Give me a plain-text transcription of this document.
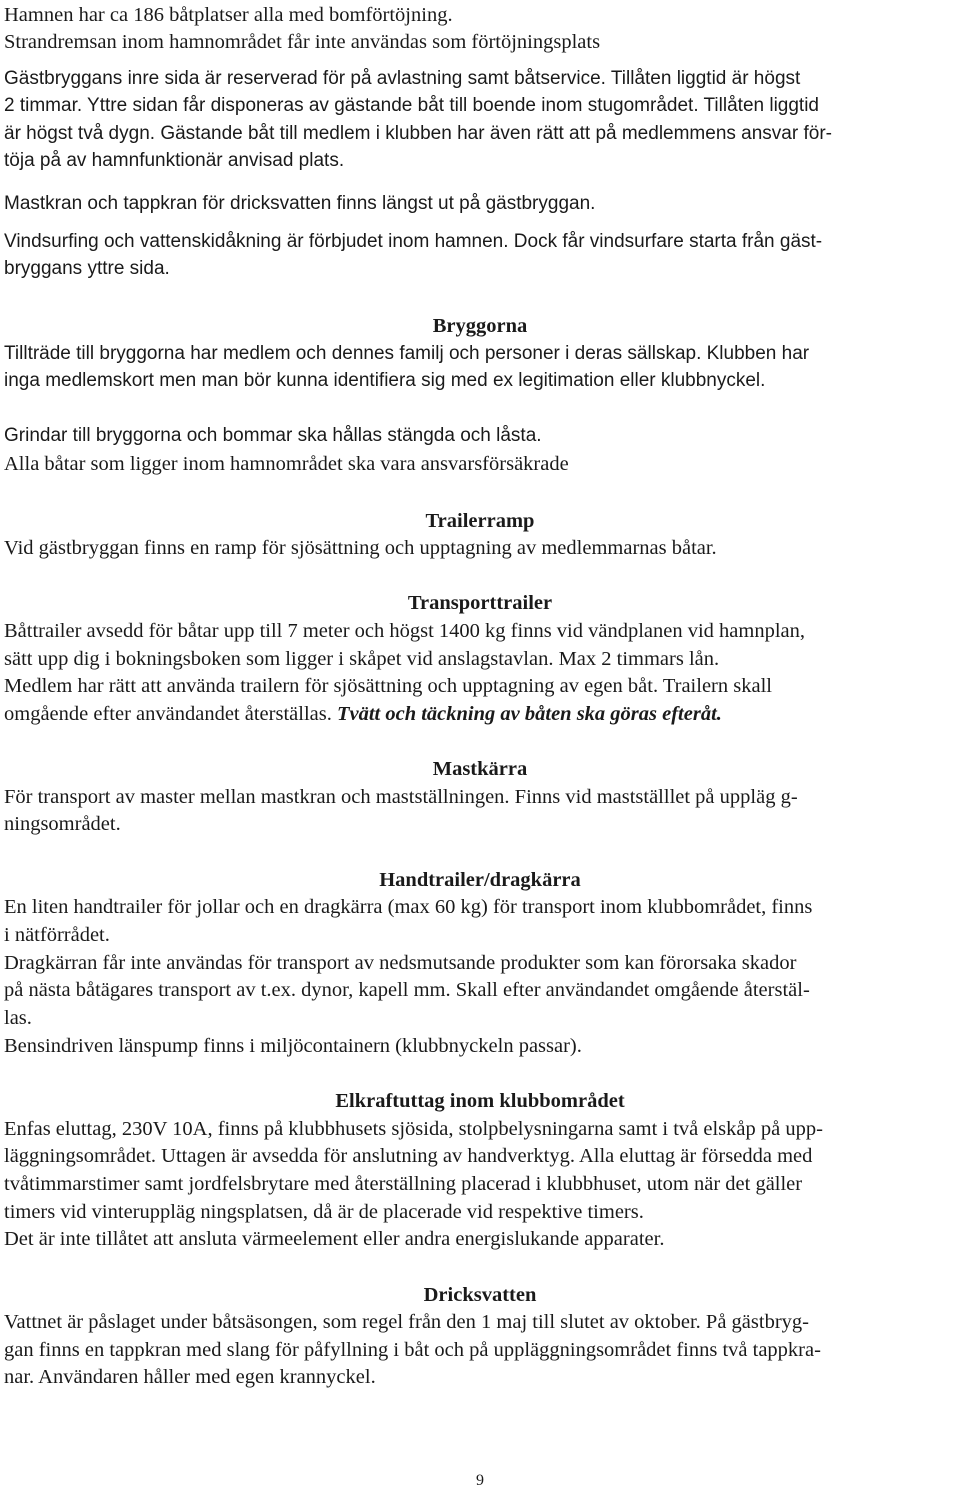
Hamnen har ca 186 båtplatser alla med bomförtöjning.
Strandremsan inom hamnområdet får inte användas som förtöjningsplats
Gästbryggans inre sida är reserverad för på avlastning samt båtservice. Tillåten liggtid är högst
2 timmar. Yttre sidan får disponeras av gästande båt till boende inom stugområdet. Tillåten liggtid
är högst två dygn. Gästande båt till medlem i klubben har även rätt att på medlemmens ansvar för-
töja på av hamnfunktionär anvisad plats.
Mastkran och tappkran för dricksvatten finns längst ut på gästbryggan.
Vindsurfing och vattenskidåkning är förbjudet inom hamnen. Dock får vindsurfare starta från gäst-
bryggans yttre sida.
Bryggorna
Tillträde till bryggorna har medlem och dennes familj och personer i deras sällskap. Klubben har
inga medlemskort men man bör kunna identifiera sig med ex legitimation eller klubbnyckel.
Grindar till bryggorna och bommar ska hållas stängda och låsta.
Alla båtar som ligger inom hamnområdet ska vara ansvarsförsäkrade
Trailerramp
Vid gästbryggan finns en ramp för sjösättning och upptagning av medlemmarnas båtar.
Transporttrailer
Båttrailer avsedd för båtar upp till 7 meter och högst 1400 kg finns vid vändplanen vid hamnplan,
sätt upp dig i bokningsboken som ligger i skåpet vid anslagstavlan. Max 2 timmars lån.
Medlem har rätt att använda trailern för sjösättning och upptagning av egen båt. Trailern skall
omgående efter användandet återställas. Tvätt och täckning av båten ska göras efteråt.
Mastkärra
För transport av master mellan mastkran och mastställningen. Finns vid mastställlet på uppläg g-
ningsområdet.
Handtrailer/dragkärra
En liten handtrailer för jollar och en dragkärra (max 60 kg) för transport inom klubbområdet, finns
i nätförrådet.
Dragkärran får inte användas för transport av nedsmutsande produkter som kan förorsaka skador
på nästa båtägares transport av t.ex. dynor, kapell mm. Skall efter användandet omgående återstäl-
las.
Bensindriven länspump finns i miljöcontainern (klubbnyckeln passar).
Elkraftuttag inom klubbområdet
Enfas eluttag, 230V 10A, finns på klubbhusets sjösida, stolpbelysningarna samt i två elskåp på upp-
läggningsområdet. Uttagen är avsedda för anslutning av handverktyg. Alla eluttag är försedda med
tvåtimmarstimer samt jordfelsbrytare med återställning placerad i klubbhuset, utom när det gäller
timers vid vinteruppläg ningsplatsen, då är de placerade vid respektive timers.
Det är inte tillåtet att ansluta värmeelement eller andra energislukande apparater.
Dricksvatten
Vattnet är påslaget under båtsäsongen, som regel från den 1 maj till slutet av oktober. På gästbryg-
gan finns en tappkran med slang för påfyllning i båt och på uppläggningsområdet finns två tappkra-
nar. Användaren håller med egen krannyckel.
9
